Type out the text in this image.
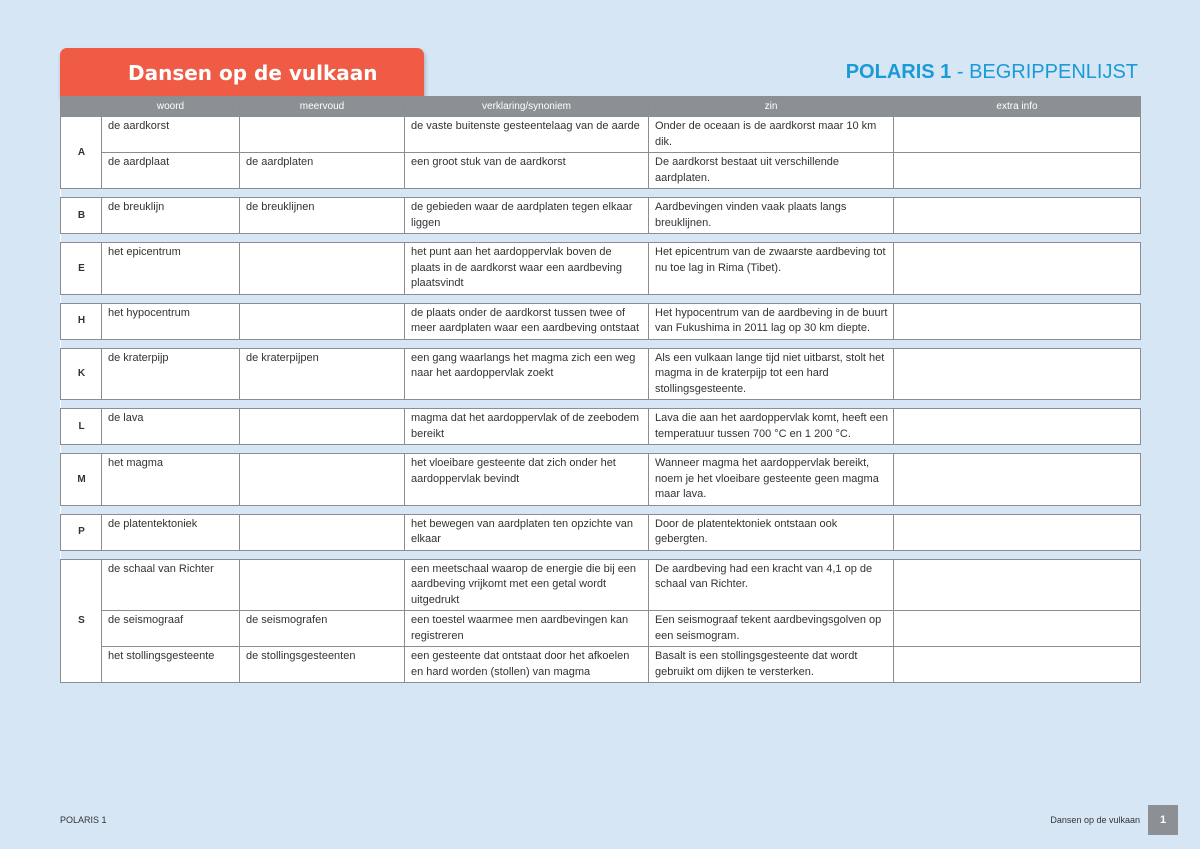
Dansen op de vulkaan	POLARIS 1 - BEGRIPPENLIJST
	woord	meervoud	verklaring/synoniem	zin	extra info
A	de aardkorst		de vaste buitenste gesteentelaag van de aarde	Onder de oceaan is de aardkorst maar 10 km dik.	
	de aardplaat	de aardplaten	een groot stuk van de aardkorst	De aardkorst bestaat uit verschillende aardplaten.	

B	de breuklijn	de breuklijnen	de gebieden waar de aardplaten tegen elkaar liggen	Aardbevingen vinden vaak plaats langs breuklijnen.	

E	het epicentrum		het punt aan het aardoppervlak boven de plaats in de aardkorst waar een aardbeving plaatsvindt	Het epicentrum van de zwaarste aardbeving tot nu toe lag in Rima (Tibet).	

H	het hypocentrum		de plaats onder de aardkorst tussen twee of meer aardplaten waar een aardbeving ontstaat	Het hypocentrum van de aardbeving in de buurt van Fukushima in 2011 lag op 30 km diepte.	

K	de kraterpijp	de kraterpijpen	een gang waarlangs het magma zich een weg naar het aardoppervlak zoekt	Als een vulkaan lange tijd niet uitbarst, stolt het magma in de kraterpijp tot een hard stollingsgesteente.	

L	de lava		magma dat het aardoppervlak of de zeebodem bereikt	Lava die aan het aardoppervlak komt, heeft een temperatuur tussen 700 °C en 1 200 °C.	

M	het magma		het vloeibare gesteente dat zich onder het aardoppervlak bevindt	Wanneer magma het aardoppervlak bereikt, noem je het vloeibare gesteente geen magma maar lava.	

P	de platentektoniek		het bewegen van aardplaten ten opzichte van elkaar	Door de platentektoniek ontstaan ook gebergten.	

S	de schaal van Richter		een meetschaal waarop de energie die bij een aardbeving vrijkomt met een getal wordt uitgedrukt	De aardbeving had een kracht van 4,1 op de schaal van Richter.	
	de seismograaf	de seismografen	een toestel waarmee men aardbevingen kan registreren	Een seismograaf tekent aardbevingsgolven op een seismogram.	
	het stollingsgesteente	de stollingsgesteenten	een gesteente dat ontstaat door het afkoelen en hard worden (stollen) van magma	Basalt is een stollingsgesteente dat wordt gebruikt om dijken te versterken.	
POLARIS 1	Dansen op de vulkaan	1
